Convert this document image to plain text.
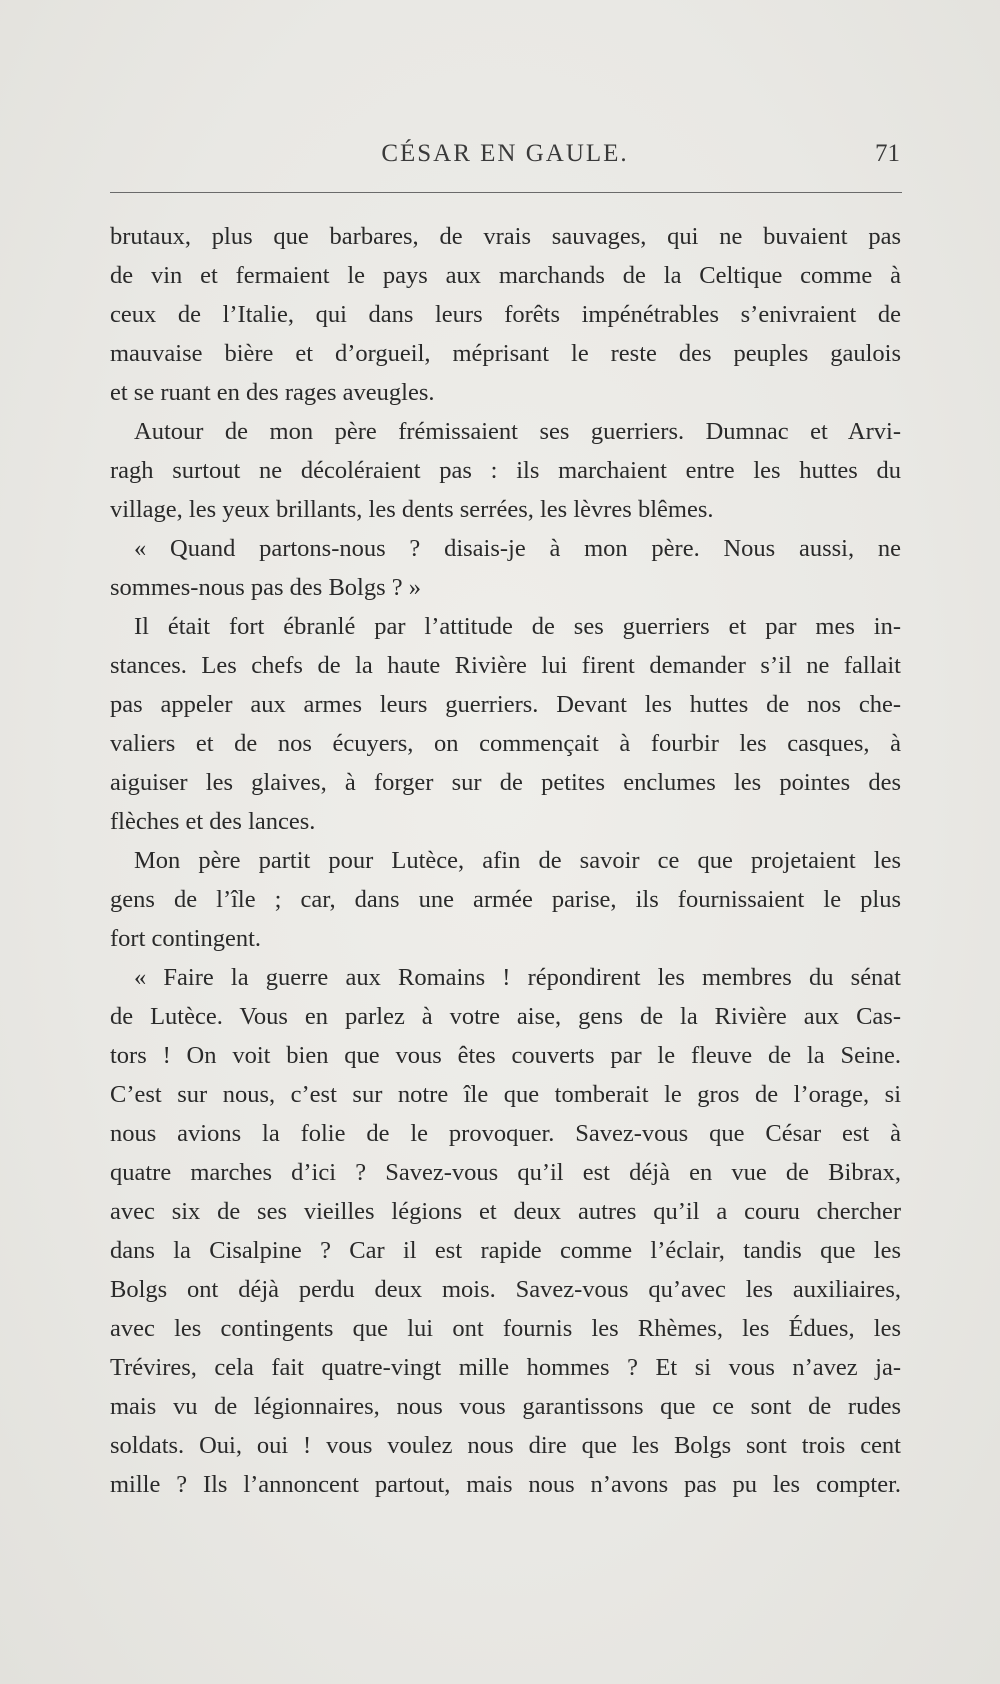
CÉSAR EN GAULE.	71
brutaux, plus que barbares, de vrais sauvages, qui ne buvaient pas
de vin et fermaient le pays aux marchands de la Celtique comme à
ceux de l’Italie, qui dans leurs forêts impénétrables s’enivraient de
mauvaise bière et d’orgueil, méprisant le reste des peuples gaulois
et se ruant en des rages aveugles.
Autour de mon père frémissaient ses guerriers. Dumnac et Arvi-
ragh surtout ne décoléraient pas : ils marchaient entre les huttes du
village, les yeux brillants, les dents serrées, les lèvres blêmes.
« Quand partons-nous ? disais-je à mon père. Nous aussi, ne
sommes-nous pas des Bolgs ? »
Il était fort ébranlé par l’attitude de ses guerriers et par mes in-
stances. Les chefs de la haute Rivière lui firent demander s’il ne fallait
pas appeler aux armes leurs guerriers. Devant les huttes de nos che-
valiers et de nos écuyers, on commençait à fourbir les casques, à
aiguiser les glaives, à forger sur de petites enclumes les pointes des
flèches et des lances.
Mon père partit pour Lutèce, afin de savoir ce que projetaient les
gens de l’île ; car, dans une armée parise, ils fournissaient le plus
fort contingent.
« Faire la guerre aux Romains ! répondirent les membres du sénat
de Lutèce. Vous en parlez à votre aise, gens de la Rivière aux Cas-
tors ! On voit bien que vous êtes couverts par le fleuve de la Seine.
C’est sur nous, c’est sur notre île que tomberait le gros de l’orage, si
nous avions la folie de le provoquer. Savez-vous que César est à
quatre marches d’ici ? Savez-vous qu’il est déjà en vue de Bibrax,
avec six de ses vieilles légions et deux autres qu’il a couru chercher
dans la Cisalpine ? Car il est rapide comme l’éclair, tandis que les
Bolgs ont déjà perdu deux mois. Savez-vous qu’avec les auxiliaires,
avec les contingents que lui ont fournis les Rhèmes, les Édues, les
Trévires, cela fait quatre-vingt mille hommes ? Et si vous n’avez ja-
mais vu de légionnaires, nous vous garantissons que ce sont de rudes
soldats. Oui, oui ! vous voulez nous dire que les Bolgs sont trois cent
mille ? Ils l’annoncent partout, mais nous n’avons pas pu les compter.
